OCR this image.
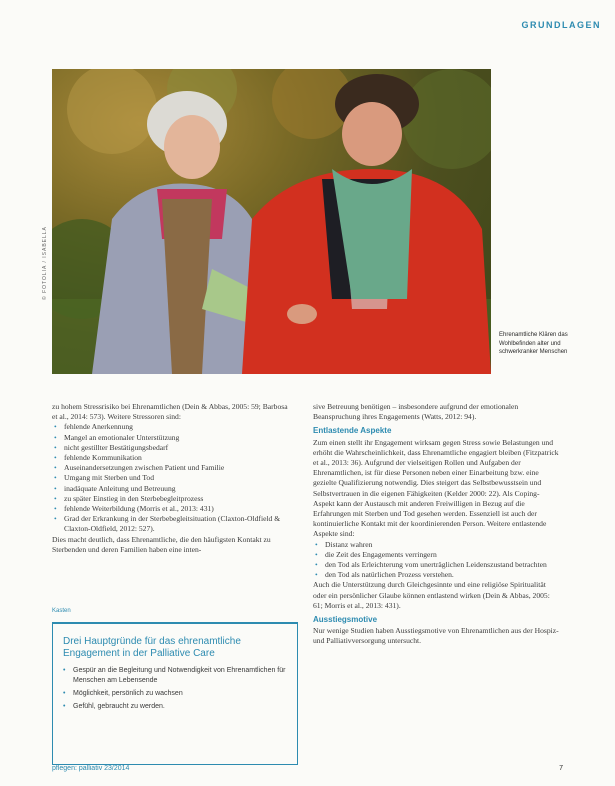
GRUNDLAGEN
© FOTOLIA / ISABELLA
Ehrenamtliche Klären das Wohlbefinden alter und schwerkranker Menschen

zu hohem Stressrisiko bei Ehrenamtlichen (Dein & Abbas, 2005: 59; Barbosa et al., 2014: 573). Weitere Stressoren sind:

• fehlende Anerkennung
• Mangel an emotionaler Unterstützung
• nicht gestillter Bestätigungsbedarf
• fehlende Kommunikation
• Auseinandersetzungen zwischen Patient und Familie
• Umgang mit Sterben und Tod
• inadäquate Anleitung und Betreuung
• zu später Einstieg in den Sterbebegleitprozess
• fehlende Weiterbildung (Morris et al., 2013: 431)
• Grad der Erkrankung in der Sterbebegleitsituation (Claxton-Oldfield & Claxton-Oldfield, 2012: 527).

Dies macht deutlich, dass Ehrenamtliche, die den häufigsten Kontakt zu Sterbenden und deren Familien haben eine inten-

Kasten
Drei Hauptgründe für das ehrenamtliche Engagement in der Palliative Care
• Gespür an die Begleitung und Notwendigkeit von Ehrenamtlichen für Menschen am Lebensende
• Möglichkeit, persönlich zu wachsen
• Gefühl, gebraucht zu werden.

sive Betreuung benötigen – insbesondere aufgrund der emotionalen Beanspruchung ihres Engagements (Watts, 2012: 94).

Entlastende Aspekte

Zum einen stellt ihr Engagement wirksam gegen Stress sowie Belastungen und erhöht die Wahrscheinlichkeit, dass Ehrenamtliche engagiert bleiben (Fitzpatrick et al., 2013: 36). Aufgrund der vielseitigen Rollen und Aufgaben der Ehrenamtlichen, ist für diese Personen neben einer Einarbeitung bzw. eine gezielte Qualifizierung notwendig. Dies steigert das Selbstbewusstsein und Selbstvertrauen in die eigenen Fähigkeiten (Kelder 2000: 22). Als Coping-Aspekt kann der Austausch mit anderen Freiwilligen in Bezug auf die Erfahrungen mit Sterben und Tod gesehen werden. Essenziell ist auch der kontinuierliche Kontakt mit der koordinierenden Person. Weitere entlastende Aspekte sind:

• Distanz wahren
• die Zeit des Engagements verringern
• den Tod als Erleichterung vom unerträglichen Leidenszustand betrachten
• den Tod als natürlichen Prozess verstehen.

Auch die Unterstützung durch Gleichgesinnte und eine religiöse Spiritualität oder ein persönlicher Glaube können entlastend wirken (Dein & Abbas, 2005: 61; Morris et al., 2013: 431).

Ausstiegsmotive

Nur wenige Studien haben Ausstiegsmotive von Ehrenamtlichen aus der Hospiz- und Palliativversorgung untersucht.

pflegen: palliativ 23/2014	7
